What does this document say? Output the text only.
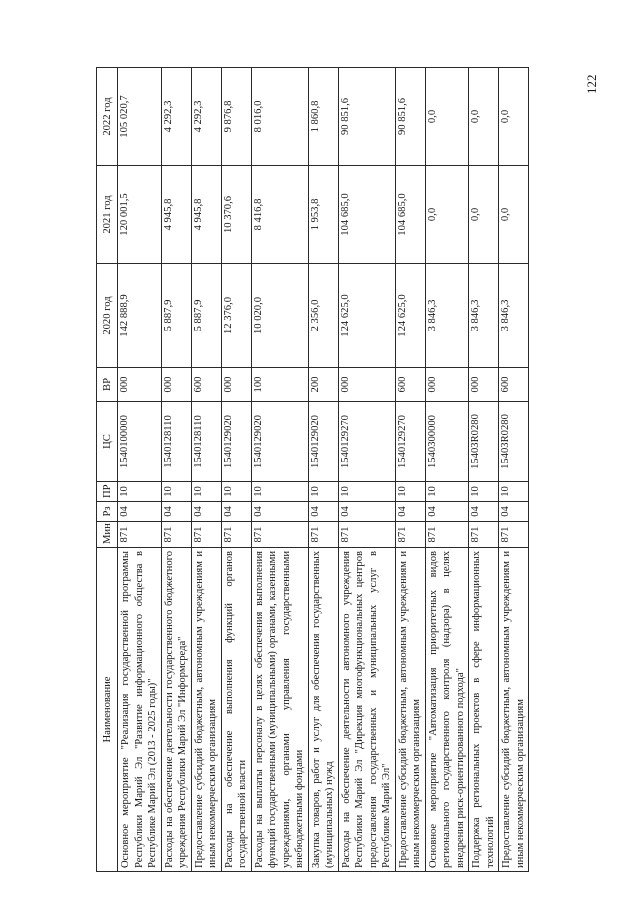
122
Наименование	Мин	Рз	ПР	ЦС	ВР	2020 год	2021 год	2022 год
Основное мероприятие "Реализация государственной программы Республики Марий Эл "Развитие информационного общества в Республике Марий Эл (2013 - 2025 годы)"	871	04	10	1540100000	000	142 888,9	120 001,5	105 020,7
Расходы на обеспечение деятельности государственного бюджетного учреждения Республики Марий Эл "Информсреда"	871	04	10	1540128110	000	5 887,9	4 945,8	4 292,3
Предоставление субсидий бюджетным, автономным учреждениям и иным некоммерческим организациям	871	04	10	1540128110	600	5 887,9	4 945,8	4 292,3
Расходы на обеспечение выполнения функций органов государственной власти	871	04	10	1540129020	000	12 376,0	10 370,6	9 876,8
Расходы на выплаты персоналу в целях обеспечения выполнения функций государственными (муниципальными) органами, казенными учреждениями, органами управления государственными внебюджетными фондами	871	04	10	1540129020	100	10 020,0	8 416,8	8 016,0
Закупка товаров, работ и услуг для обеспечения государственных (муниципальных) нужд	871	04	10	1540129020	200	2 356,0	1 953,8	1 860,8
Расходы на обеспечение деятельности автономного учреждения Республики Марий Эл "Дирекция многофункциональных центров предоставления государственных и муниципальных услуг в Республике Марий Эл"	871	04	10	1540129270	000	124 625,0	104 685,0	90 851,6
Предоставление субсидий бюджетным, автономным учреждениям и иным некоммерческим организациям	871	04	10	1540129270	600	124 625,0	104 685,0	90 851,6
Основное мероприятие "Автоматизация приоритетных видов регионального государственного контроля (надзора) в целях внедрения риск-ориентированного подхода"	871	04	10	1540300000	000	3 846,3	0,0	0,0
Поддержка региональных проектов в сфере информационных технологий	871	04	10	15403R0280	000	3 846,3	0,0	0,0
Предоставление субсидий бюджетным, автономным учреждениям и иным некоммерческим организациям	871	04	10	15403R0280	600	3 846,3	0,0	0,0
